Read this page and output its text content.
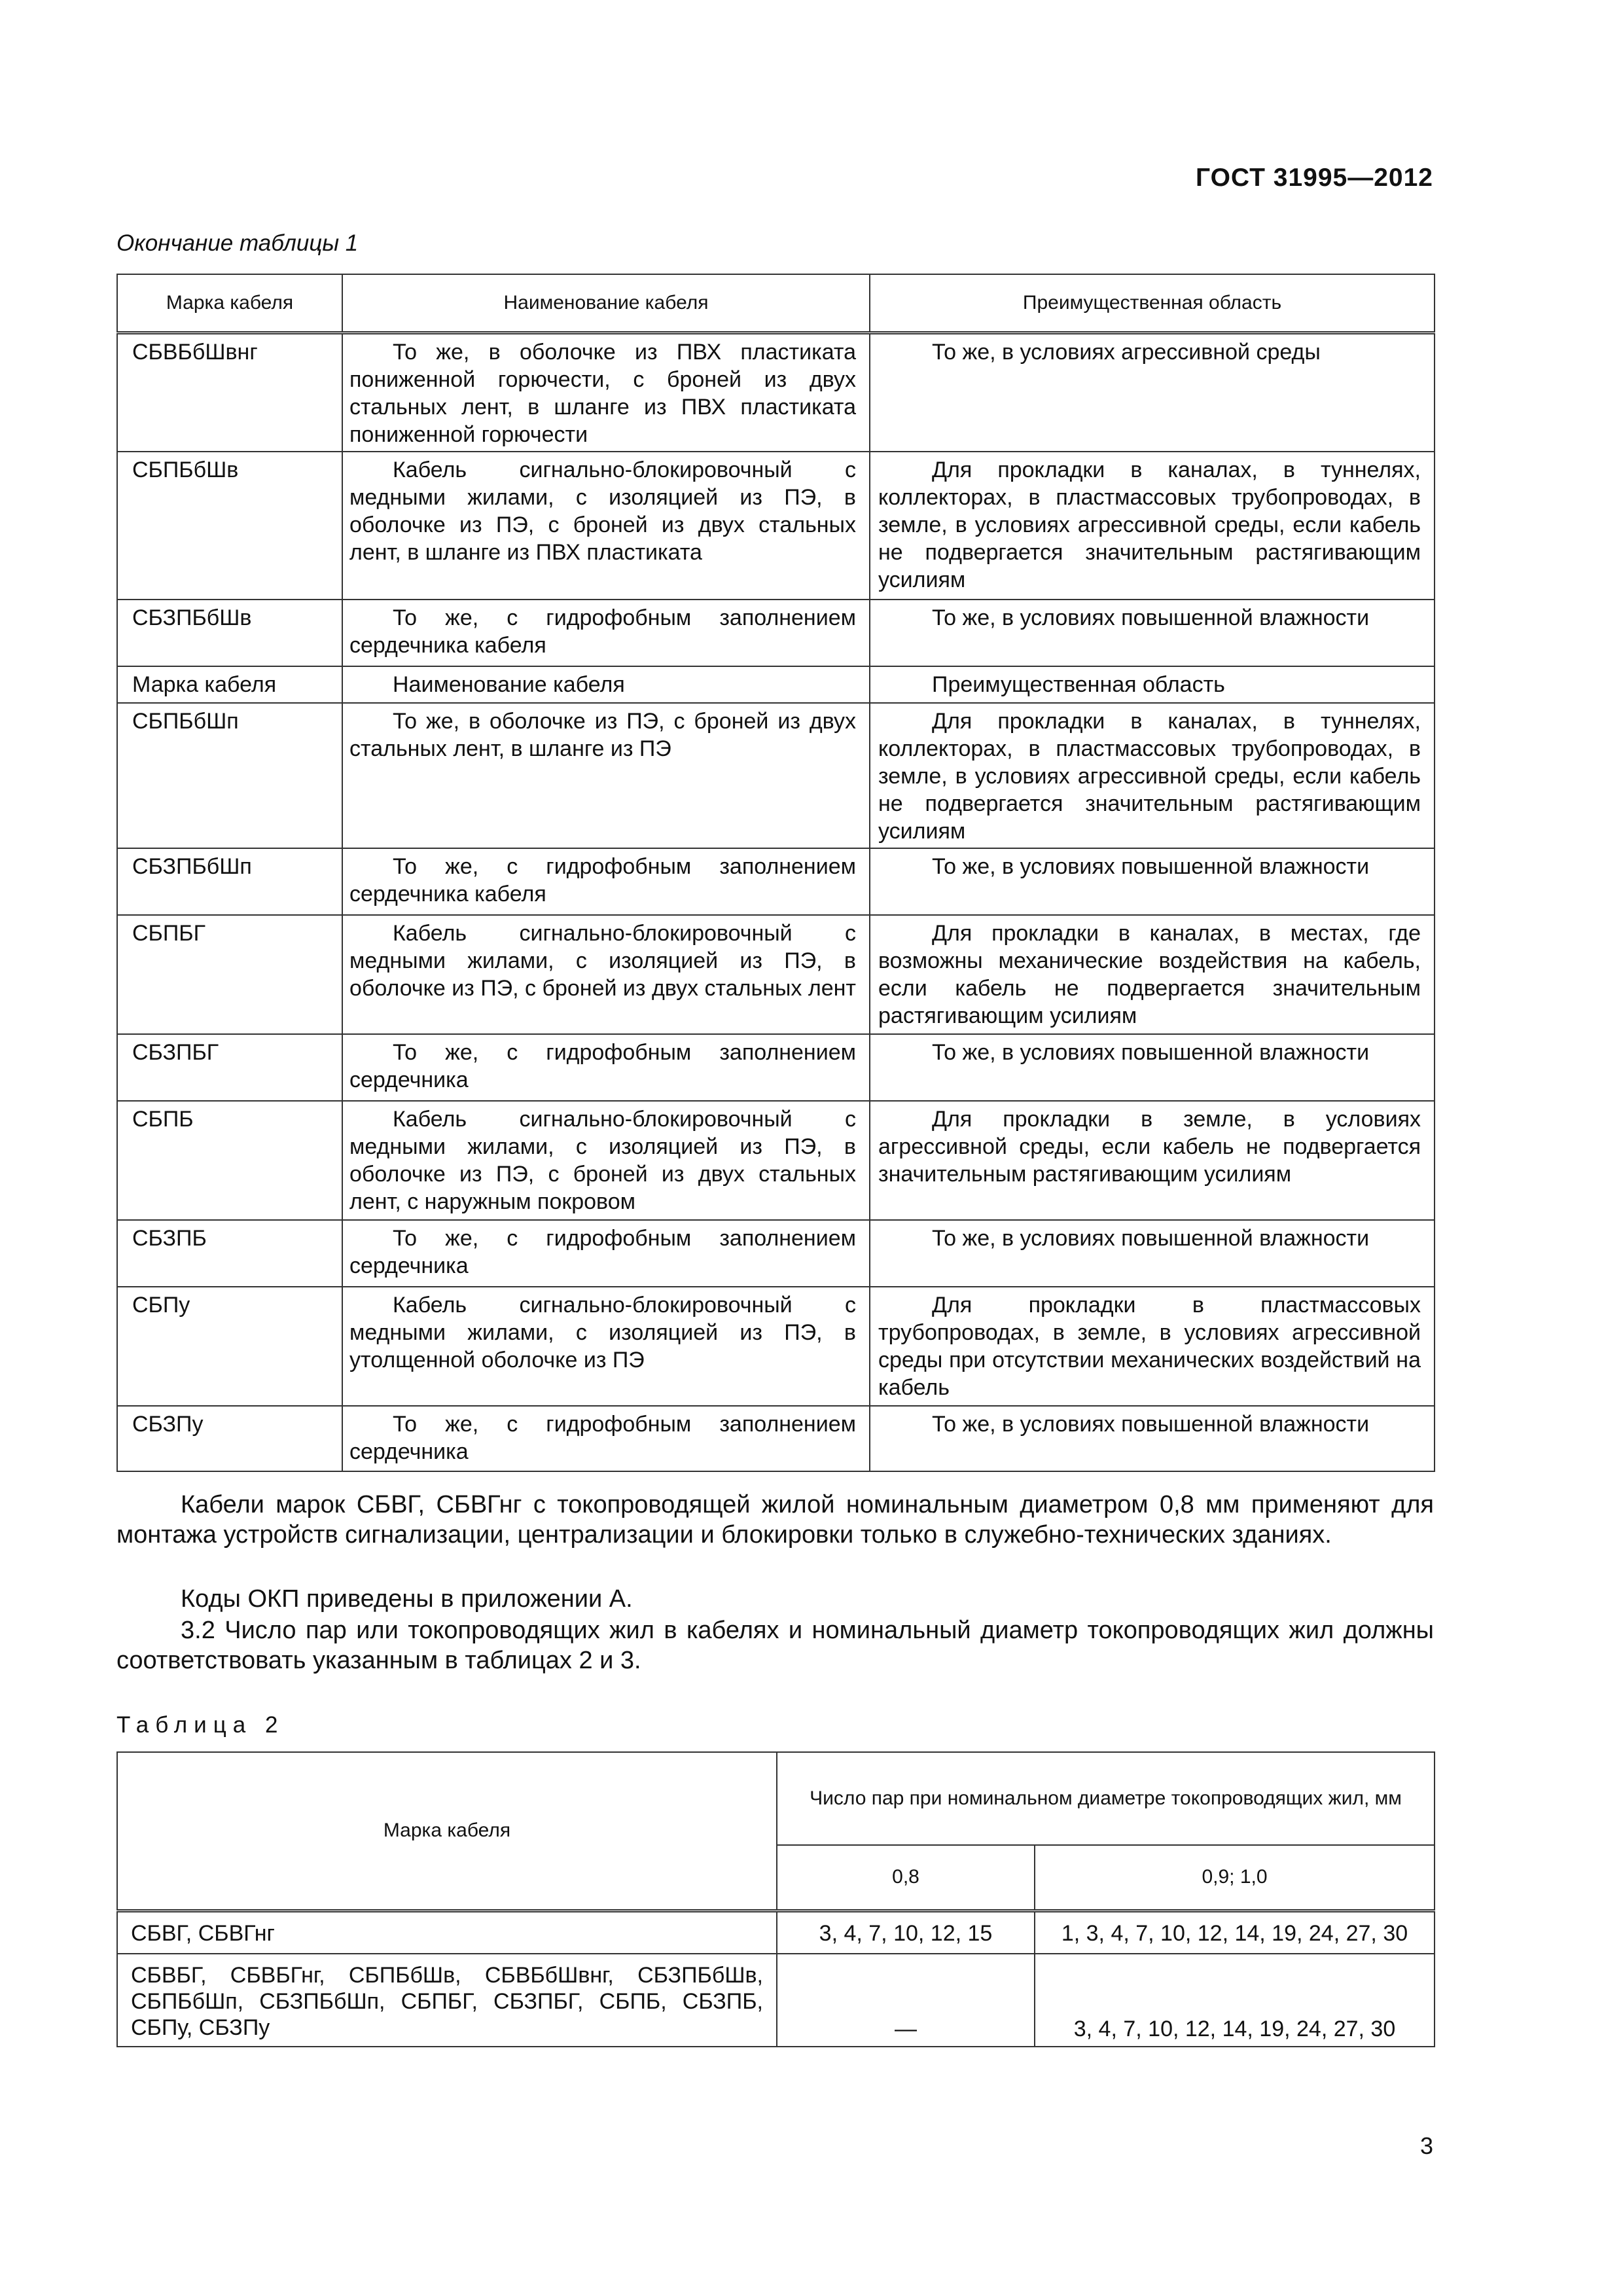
ГОСТ 31995—2012
Окончание таблицы 1
Марка кабеля	Наименование кабеля	Преимущественная область
СБВБбШвнг	То же, в оболочке из ПВХ пластиката пониженной горючести, с броней из двух стальных лент, в шланге из ПВХ пластиката пониженной горючести	То же, в условиях агрессивной среды
СБПБбШв	Кабель сигнально-блокировочный с медными жилами, с изоляцией из ПЭ, в оболочке из ПЭ, с броней из двух стальных лент, в шланге из ПВХ пластиката	Для прокладки в каналах, в туннелях, коллекторах, в пластмассовых трубопроводах, в земле, в условиях агрессивной среды, если кабель не подвергается значительным растягивающим усилиям
СБЗПБбШв	То же, с гидрофобным заполнением сердечника кабеля	То же, в условиях повышенной влажности
Марка кабеля	Наименование кабеля	Преимущественная область
СБПБбШп	То же, в оболочке из ПЭ, с броней из двух стальных лент, в шланге из ПЭ	Для прокладки в каналах, в туннелях, коллекторах, в пластмассовых трубопроводах, в земле, в условиях агрессивной среды, если кабель не подвергается значительным растягивающим усилиям
СБЗПБбШп	То же, с гидрофобным заполнением сердечника кабеля	То же, в условиях повышенной влажности
СБПБГ	Кабель сигнально-блокировочный с медными жилами, с изоляцией из ПЭ, в оболочке из ПЭ, с броней из двух стальных лент	Для прокладки в каналах, в местах, где возможны механические воздействия на кабель, если кабель не подвергается значительным растягивающим усилиям
СБЗПБГ	То же, с гидрофобным заполнением сердечника	То же, в условиях повышенной влажности
СБПБ	Кабель сигнально-блокировочный с медными жилами, с изоляцией из ПЭ, в оболочке из ПЭ, с броней из двух стальных лент, с наружным покровом	Для прокладки в земле, в условиях агрессивной среды, если кабель не подвергается значительным растягивающим усилиям
СБЗПБ	То же, с гидрофобным заполнением сердечника	То же, в условиях повышенной влажности
СБПу	Кабель сигнально-блокировочный с медными жилами, с изоляцией из ПЭ, в утолщенной оболочке из ПЭ	Для прокладки в пластмассовых трубопроводах, в земле, в условиях агрессивной среды при отсутствии механических воздействий на кабель
СБЗПу	То же, с гидрофобным заполнением сердечника	То же, в условиях повышенной влажности
Кабели марок СБВГ, СБВГнг с токопроводящей жилой номинальным диаметром 0,8 мм применяют для монтажа устройств сигнализации, централизации и блокировки только в служебно-технических зданиях.
Коды ОКП приведены в приложении А.
3.2 Число пар или токопроводящих жил в кабелях и номинальный диаметр токопроводящих жил должны соответствовать указанным в таблицах 2 и 3.
Таблица 2
Марка кабеля	Число пар при номинальном диаметре токопроводящих жил, мм	
	0,8	0,9; 1,0
СБВГ, СБВГнг	3, 4, 7, 10, 12, 15	1, 3, 4, 7, 10, 12, 14, 19, 24, 27, 30
СБВБГ, СБВБГнг, СБПБбШв, СБВБбШвнг, СБЗПБбШв, СБПБбШп, СБЗПБбШп, СБПБГ, СБЗПБГ, СБПБ, СБЗПБ, СБПу, СБЗПу	—	3, 4, 7, 10, 12, 14, 19, 24, 27, 30
3
